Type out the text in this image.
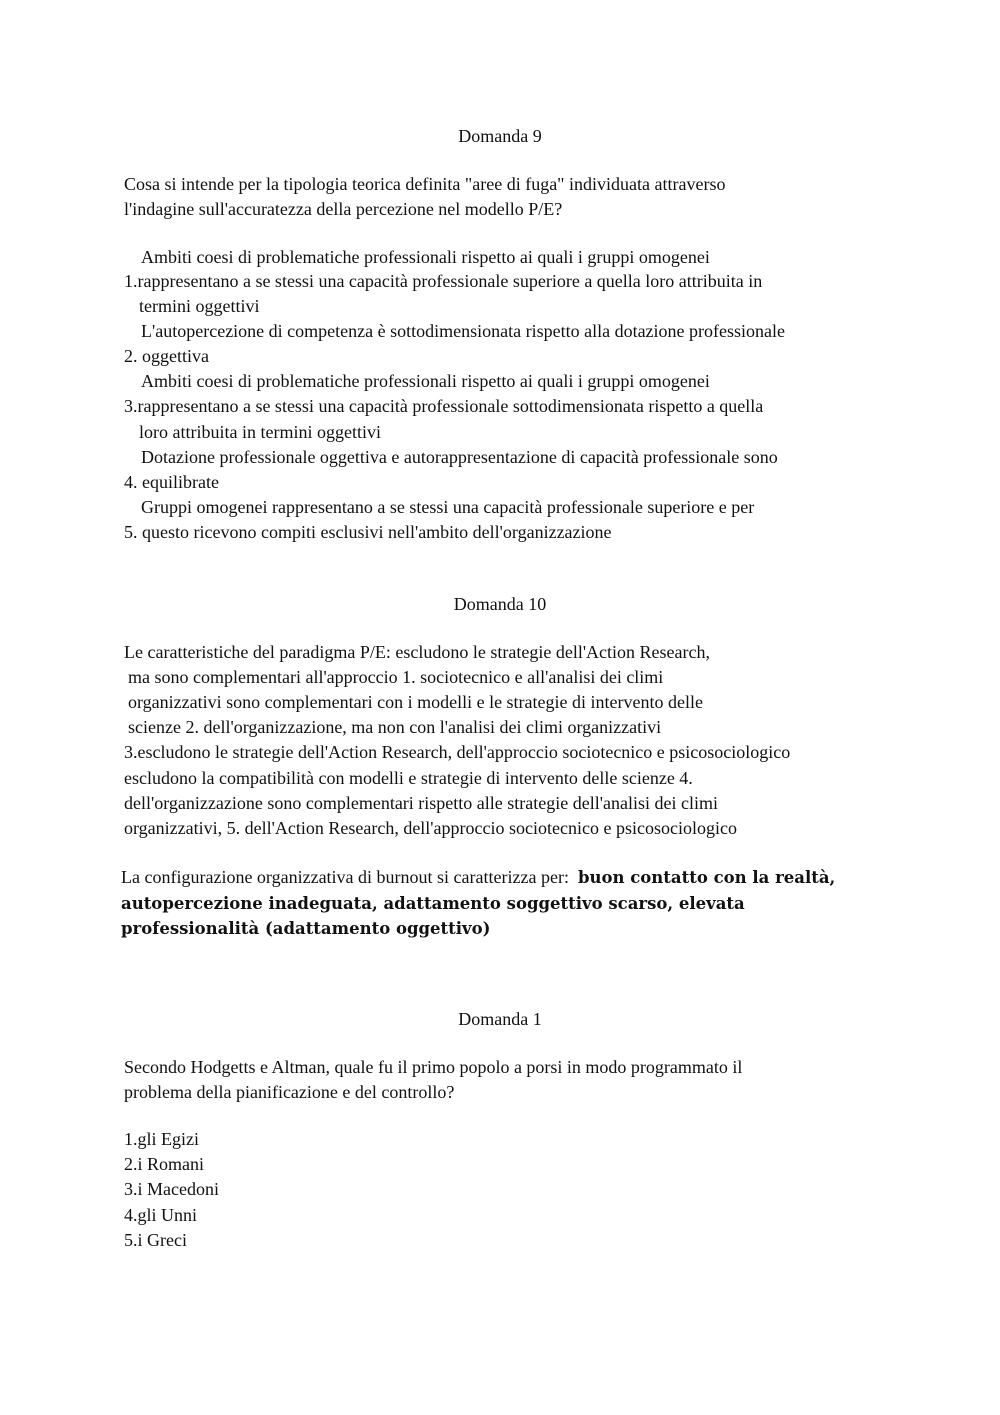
Domanda 9
Cosa si intende per la tipologia teorica definita "aree di fuga" individuata attraverso
l'indagine sull'accuratezza della percezione nel modello P/E?
Ambiti coesi di problematiche professionali rispetto ai quali i gruppi omogenei
1.rappresentano a se stessi una capacità professionale superiore a quella loro attribuita in
termini oggettivi
L'autopercezione di competenza è sottodimensionata rispetto alla dotazione professionale
2. oggettiva
Ambiti coesi di problematiche professionali rispetto ai quali i gruppi omogenei
3.rappresentano a se stessi una capacità professionale sottodimensionata rispetto a quella
loro attribuita in termini oggettivi
Dotazione professionale oggettiva e autorappresentazione di capacità professionale sono
4. equilibrate
Gruppi omogenei rappresentano a se stessi una capacità professionale superiore e per
5. questo ricevono compiti esclusivi nell'ambito dell'organizzazione
Domanda 10
Le caratteristiche del paradigma P/E: escludono le strategie dell'Action Research,
ma sono complementari all'approccio 1. sociotecnico e all'analisi dei climi
organizzativi sono complementari con i modelli e le strategie di intervento delle
scienze 2. dell'organizzazione, ma non con l'analisi dei climi organizzativi
3.escludono le strategie dell'Action Research, dell'approccio sociotecnico e psicosociologico
escludono la compatibilità con modelli e strategie di intervento delle scienze 4.
dell'organizzazione sono complementari rispetto alle strategie dell'analisi dei climi
organizzativi, 5. dell'Action Research, dell'approccio sociotecnico e psicosociologico
La configurazione organizzativa di burnout si caratterizza per: buon contatto con la realtà, autopercezione inadeguata, adattamento soggettivo scarso, elevata professionalità (adattamento oggettivo)
Domanda 1
Secondo Hodgetts e Altman, quale fu il primo popolo a porsi in modo programmato il
problema della pianificazione e del controllo?
1.gli Egizi
2.i Romani
3.i Macedoni
4.gli Unni
5.i Greci
